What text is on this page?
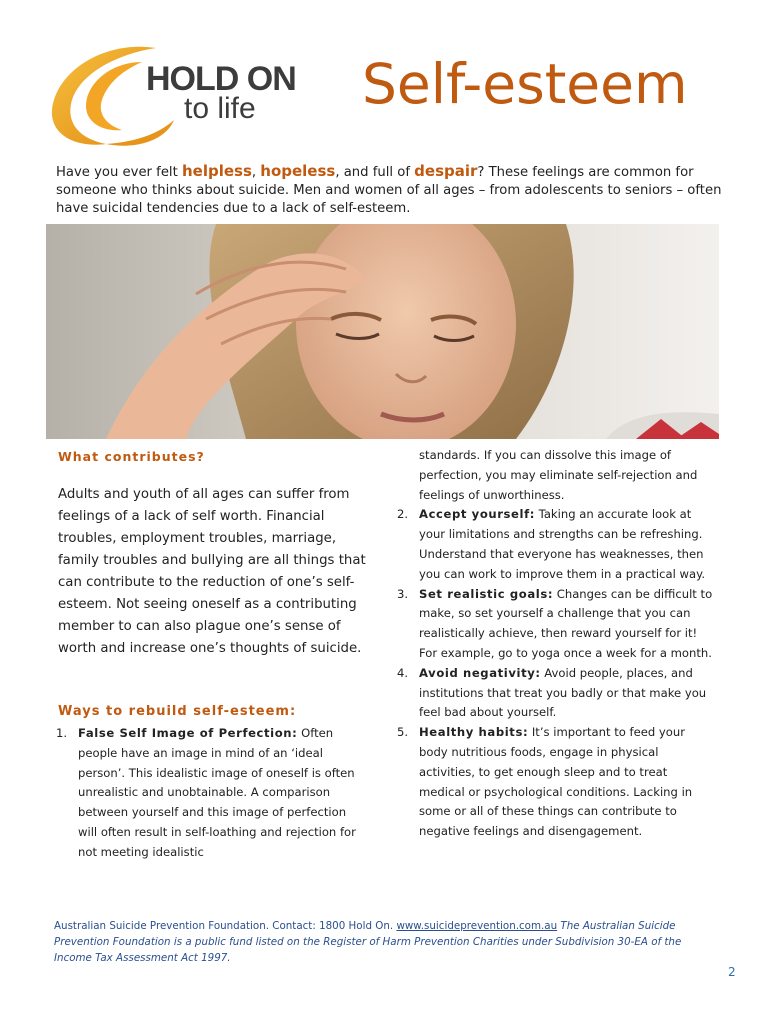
HOLD ON
to life Self-esteem

Have you ever felt helpless, hopeless, and full of despair? These feelings are common for someone who thinks about suicide. Men and women of all ages – from adolescents to seniors – often have suicidal tendencies due to a lack of self-esteem.

What contributes?

Adults and youth of all ages can suffer from feelings of a lack of self worth. Financial troubles, employment troubles, marriage, family troubles and bullying are all things that can contribute to the reduction of one’s self-esteem. Not seeing oneself as a contributing member to can also plague one’s sense of worth and increase one’s thoughts of suicide.

Ways to rebuild self-esteem:
1. False Self Image of Perfection: Often people have an image in mind of an ‘ideal person’. This idealistic image of oneself is often unrealistic and unobtainable. A comparison between yourself and this image of perfection will often result in self-loathing and rejection for not meeting idealistic
standards. If you can dissolve this image of perfection, you may eliminate self-rejection and feelings of unworthiness.
2. Accept yourself: Taking an accurate look at your limitations and strengths can be refreshing. Understand that everyone has weaknesses, then you can work to improve them in a practical way.
3. Set realistic goals: Changes can be difficult to make, so set yourself a challenge that you can realistically achieve, then reward yourself for it! For example, go to yoga once a week for a month.
4. Avoid negativity: Avoid people, places, and institutions that treat you badly or that make you feel bad about yourself.
5. Healthy habits: It’s important to feed your body nutritious foods, engage in physical activities, to get enough sleep and to treat medical or psychological conditions. Lacking in some or all of these things can contribute to negative feelings and disengagement.

Australian Suicide Prevention Foundation. Contact: 1800 Hold On. www.suicideprevention.com.au The Australian Suicide Prevention Foundation is a public fund listed on the Register of Harm Prevention Charities under Subdivision 30-EA of the Income Tax Assessment Act 1997.

2
